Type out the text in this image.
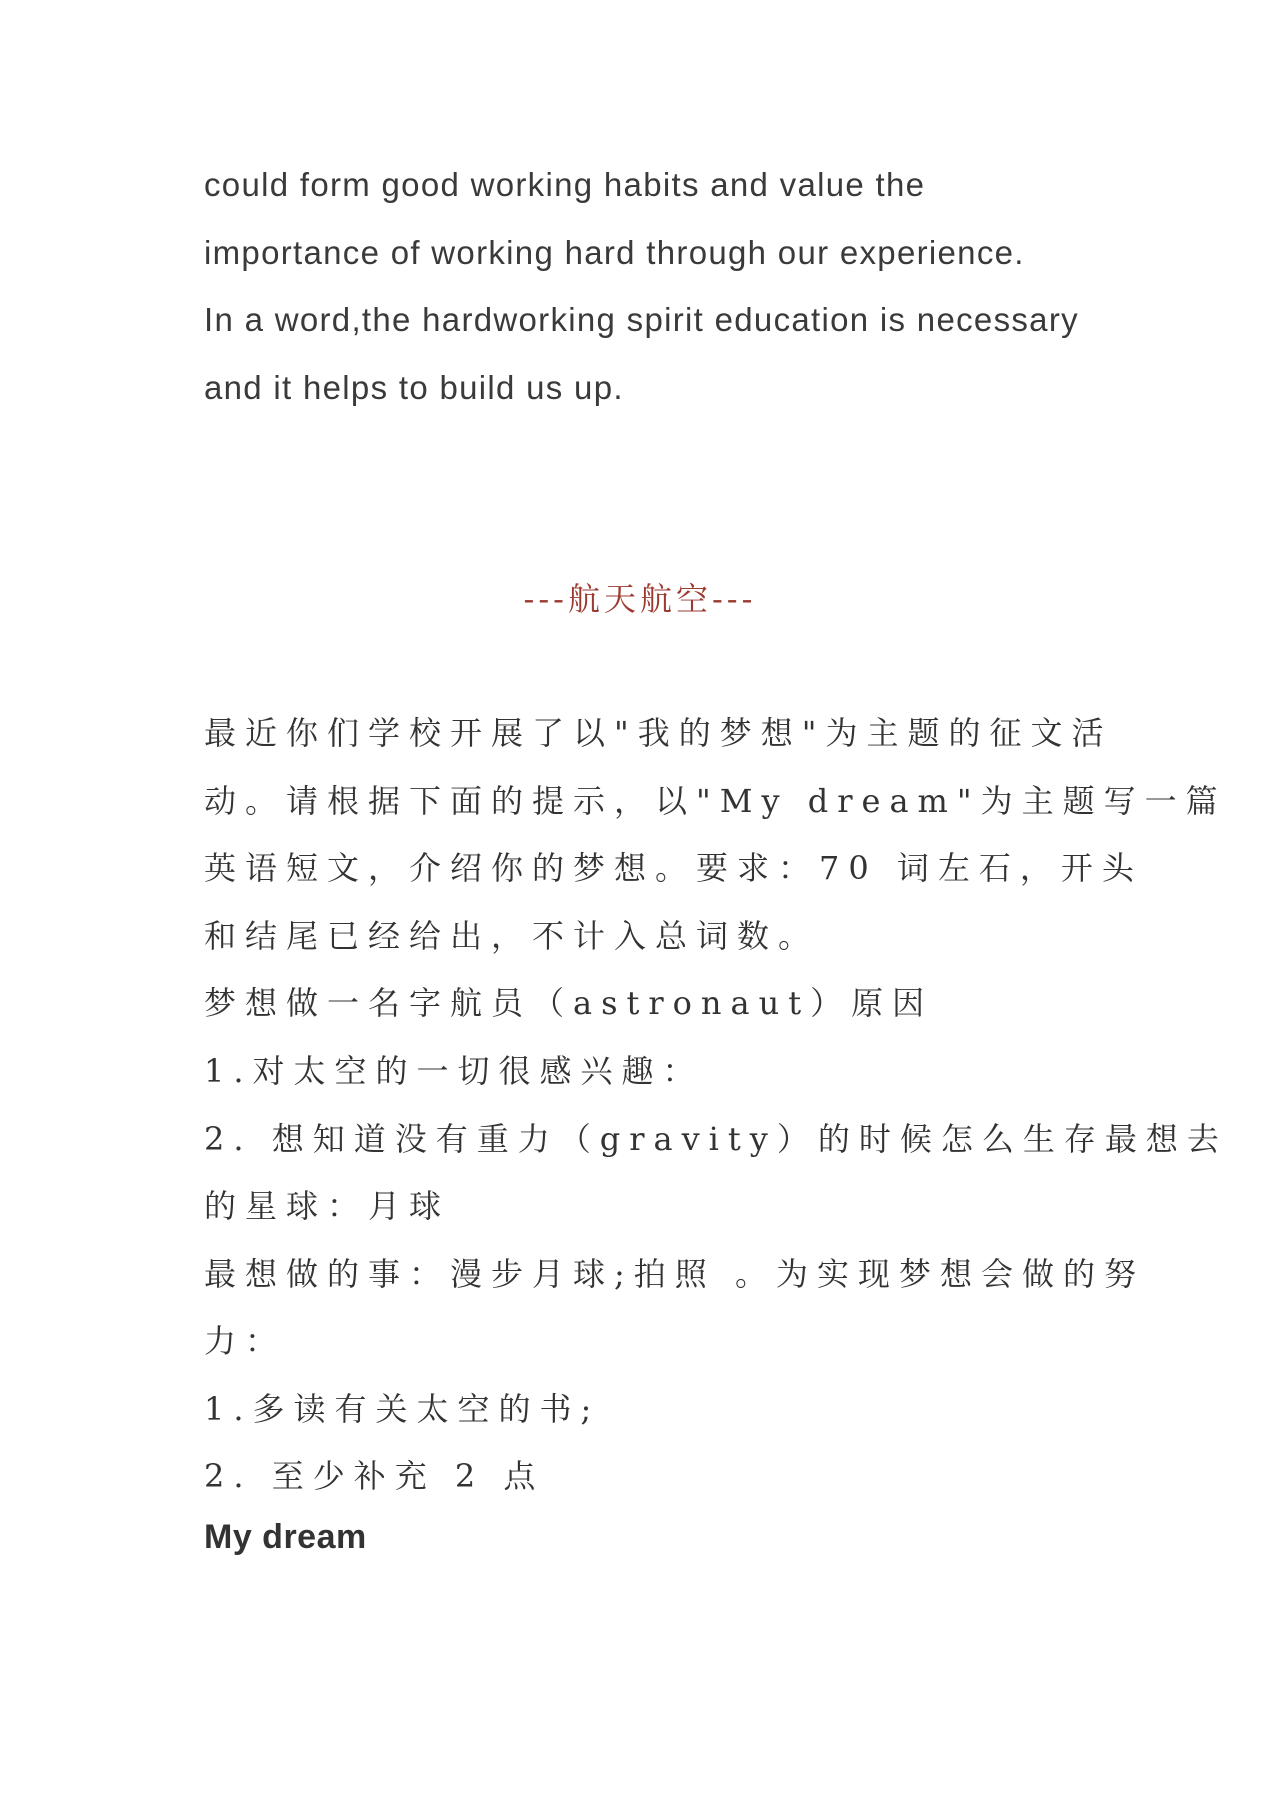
could form good working habits and value the
importance of working hard through our experience.
In a word,the hardworking spirit education is necessary
and it helps to build us up.
---航天航空---
最近你们学校开展了以"我的梦想"为主题的征文活
动。请根据下面的提示，以"My dream"为主题写一篇
英语短文，介绍你的梦想。要求：70 词左石，开头
和结尾已经给出，不计入总词数。
梦想做一名字航员（astronaut）原因
1.对太空的一切很感兴趣：
2. 想知道没有重力（gravity）的时候怎么生存最想去
的星球：月球
最想做的事：漫步月球;拍照 。为实现梦想会做的努
力：
1.多读有关太空的书;
2. 至少补充 2 点
My dream
